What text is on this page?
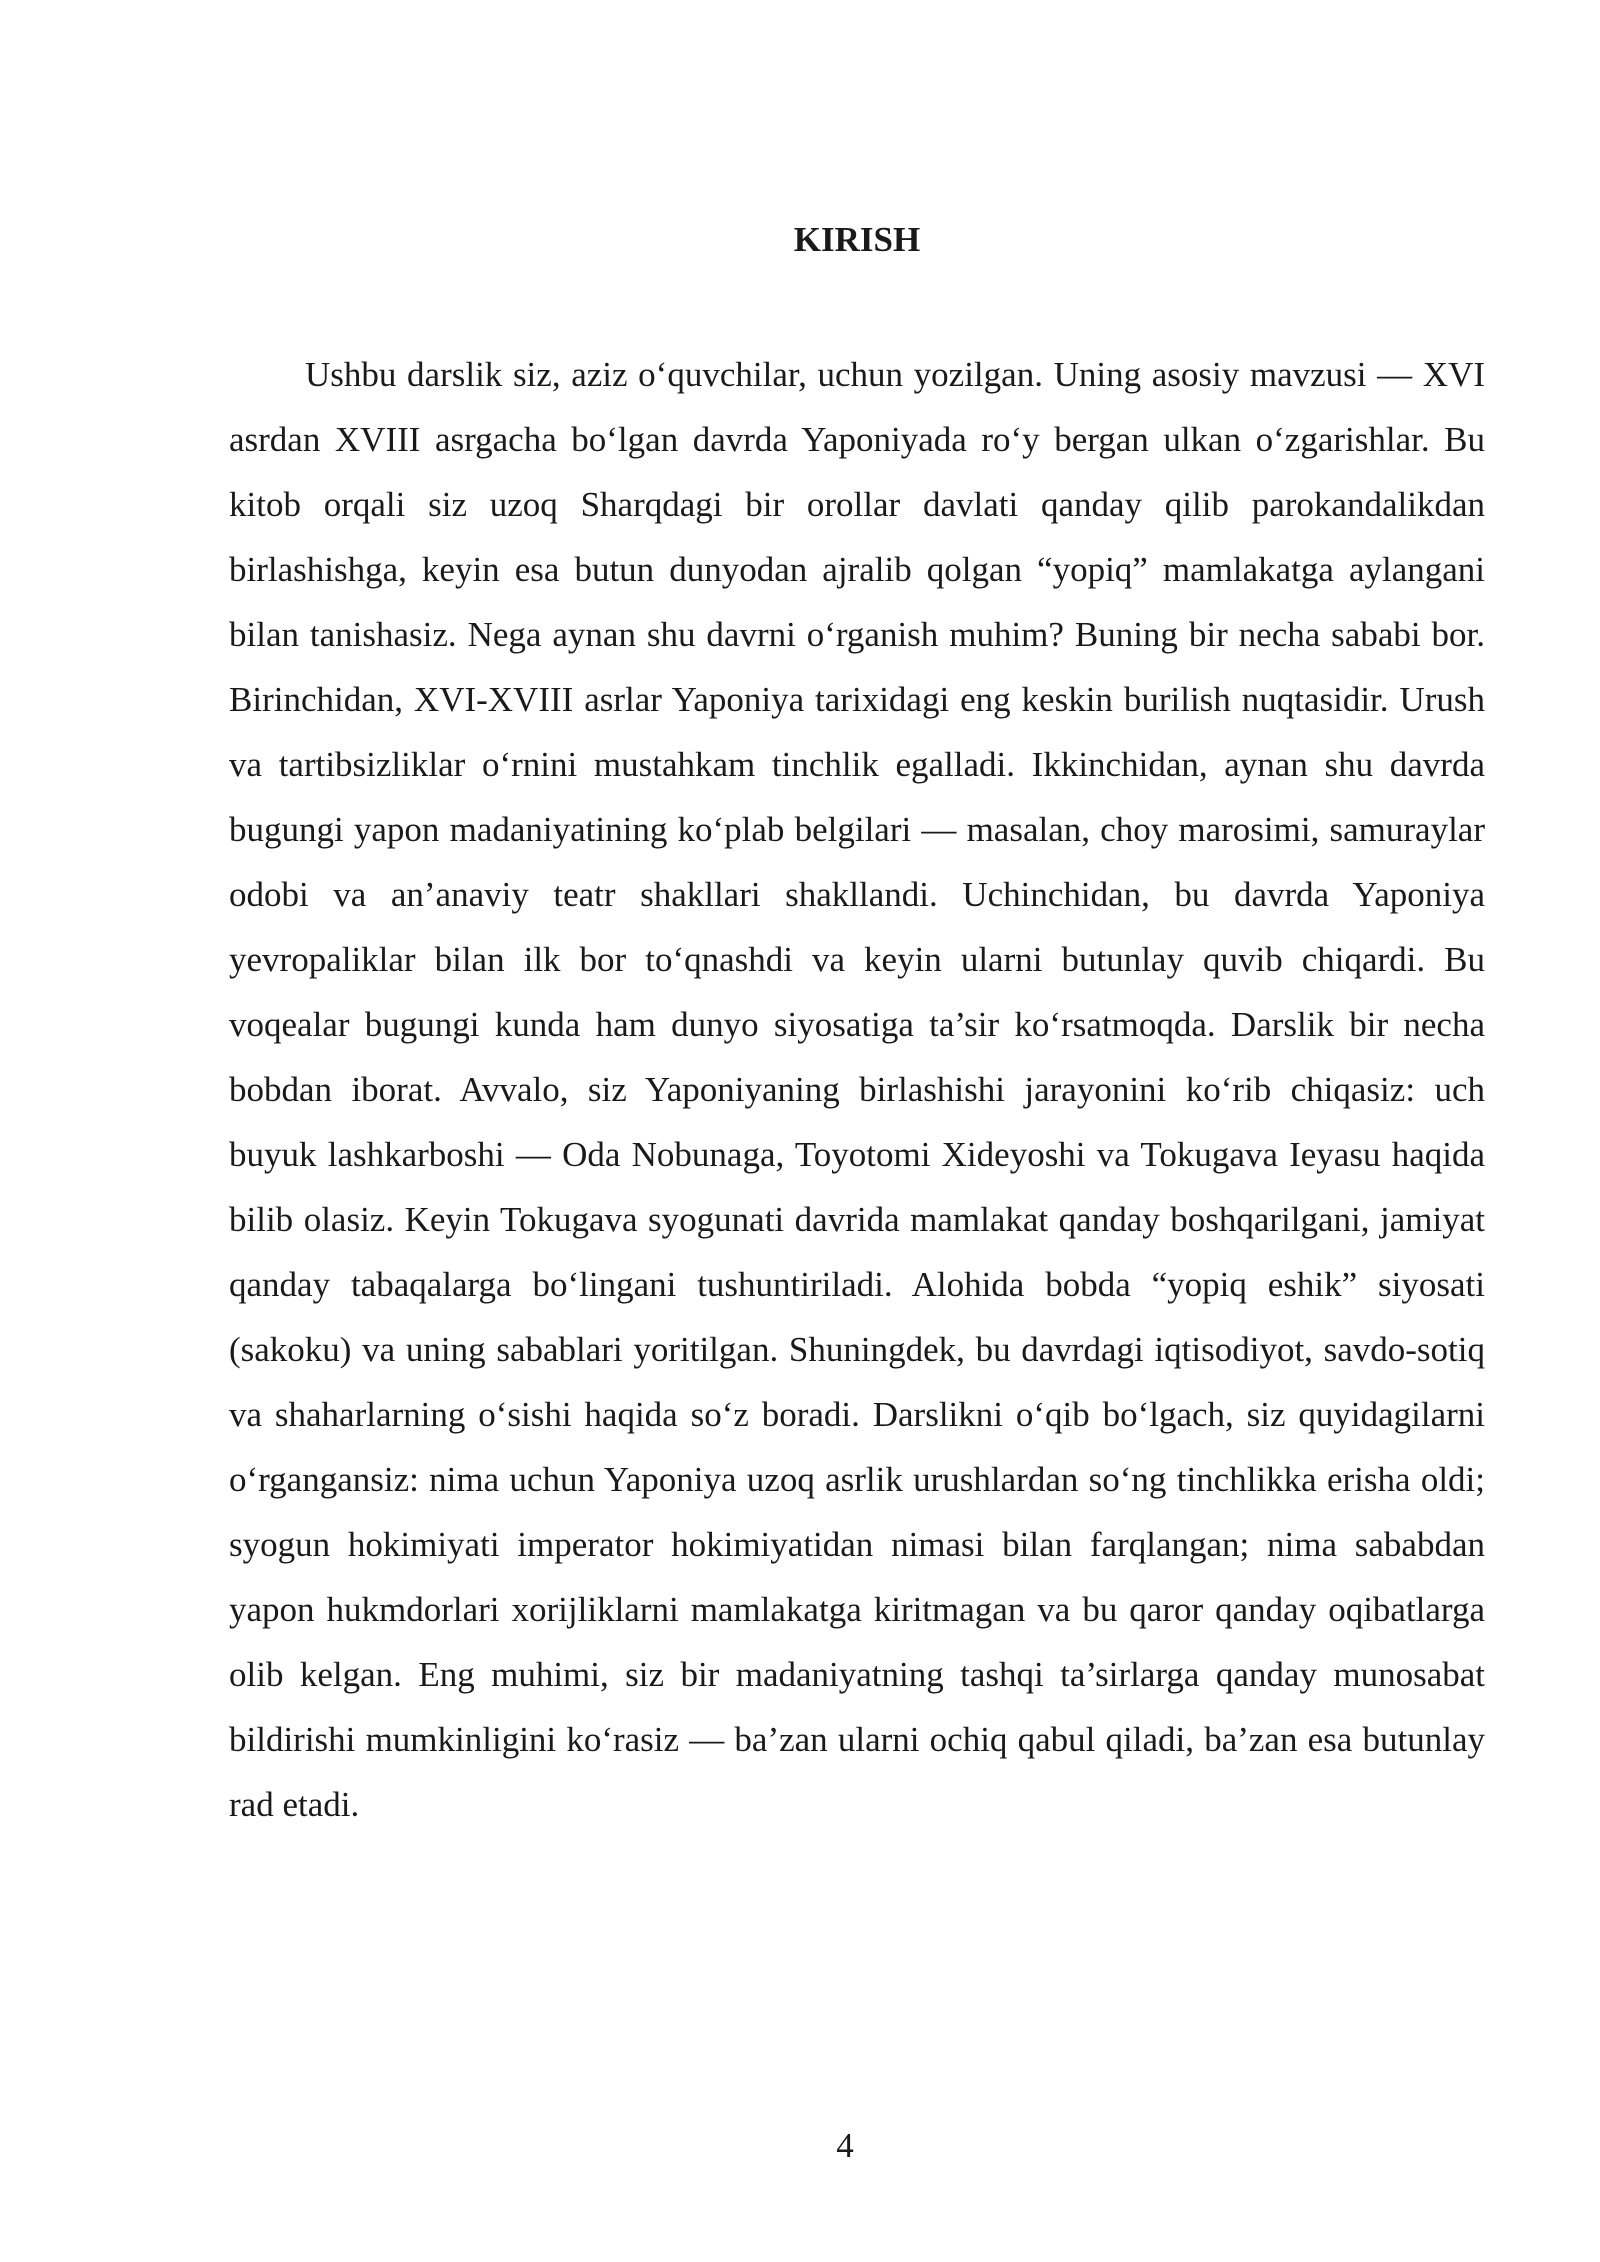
KIRISH

Ushbu darslik siz, aziz o‘quvchilar, uchun yozilgan. Uning asosiy mavzusi — XVI asrdan XVIII asrgacha bo‘lgan davrda Yaponiyada ro‘y bergan ulkan o‘zgarishlar. Bu kitob orqali siz uzoq Sharqdagi bir orollar davlati qanday qilib parokandalikdan birlashishga, keyin esa butun dunyodan ajralib qolgan “yopiq” mamlakatga aylangani bilan tanishasiz. Nega aynan shu davrni o‘rganish muhim? Buning bir necha sababi bor. Birinchidan, XVI-XVIII asrlar Yaponiya tarixidagi eng keskin burilish nuqtasidir. Urush va tartibsizliklar o‘rnini mustahkam tinchlik egalladi. Ikkinchidan, aynan shu davrda bugungi yapon madaniyatining ko‘plab belgilari — masalan, choy marosimi, samuraylar odobi va an’anaviy teatr shakllari shakllandi. Uchinchidan, bu davrda Yaponiya yevropaliklar bilan ilk bor to‘qnashdi va keyin ularni butunlay quvib chiqardi. Bu voqealar bugungi kunda ham dunyo siyosatiga ta’sir ko‘rsatmoqda. Darslik bir necha bobdan iborat. Avvalo, siz Yaponiyaning birlashishi jarayonini ko‘rib chiqasiz: uch buyuk lashkarboshi — Oda Nobunaga, Toyotomi Xideyoshi va Tokugava Ieyasu haqida bilib olasiz. Keyin Tokugava syogunati davrida mamlakat qanday boshqarilgani, jamiyat qanday tabaqalarga bo‘lingani tushuntiriladi. Alohida bobda “yopiq eshik” siyosati (sakoku) va uning sabablari yoritilgan. Shuningdek, bu davrdagi iqtisodiyot, savdo-sotiq va shaharlarning o‘sishi haqida so‘z boradi. Darslikni o‘qib bo‘lgach, siz quyidagilarni o‘rgangansiz: nima uchun Yaponiya uzoq asrlik urushlardan so‘ng tinchlikka erisha oldi; syogun hokimiyati imperator hokimiyatidan nimasi bilan farqlangan; nima sababdan yapon hukmdorlari xorijliklarni mamlakatga kiritmagan va bu qaror qanday oqibatlarga olib kelgan. Eng muhimi, siz bir madaniyatning tashqi ta’sirlarga qanday munosabat bildirishi mumkinligini ko‘rasiz — ba’zan ularni ochiq qabul qiladi, ba’zan esa butunlay rad etadi.

4
